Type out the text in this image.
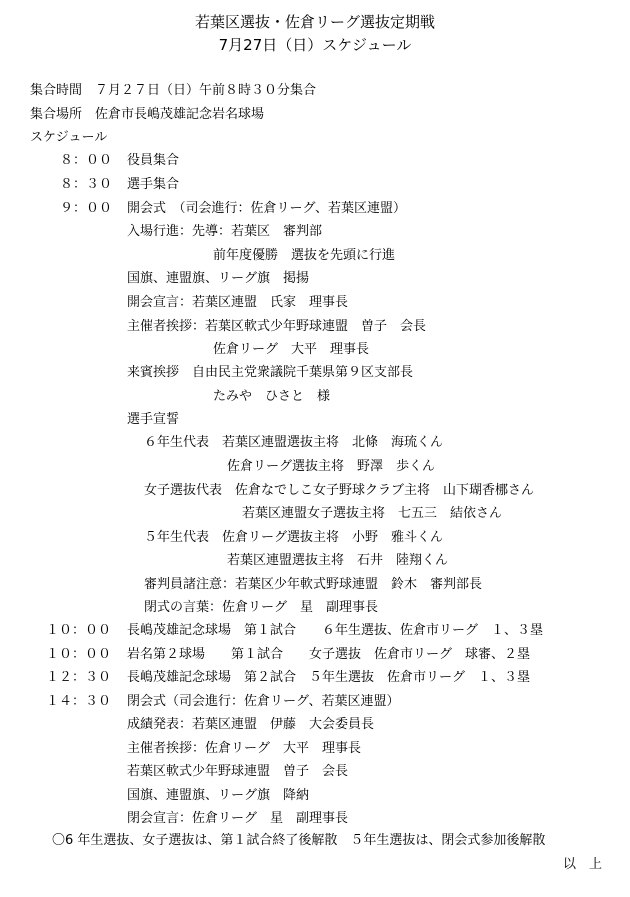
若葉区選抜・佐倉リーグ選抜定期戦
7月27日（日）スケジュール
集合時間　７月２７日（日）午前８時３０分集合
集合場所　佐倉市長嶋茂雄記念岩名球場
スケジュール
８：００ 役員集合
８：３０ 選手集合
９：００ 開会式　（司会進行：佐倉リーグ、若葉区連盟）
入場行進：先導：若葉区　審判部
前年度優勝　選抜を先頭に行進
国旗、連盟旗、リーグ旗　掲揚
開会宣言：若葉区連盟　氏家　理事長
主催者挨拶：若葉区軟式少年野球連盟　曽子　会長
佐倉リーグ　大平　理事長
来賓挨拶　自由民主党衆議院千葉県第９区支部長
たみや　ひさと　様
選手宣誓
６年生代表　若葉区連盟選抜主将　北條　海琉くん
佐倉リーグ選抜主将　野澤　歩くん
女子選抜代表　佐倉なでしこ女子野球クラブ主将　山下瑚香梛さん
若葉区連盟女子選抜主将　七五三　結依さん
５年生代表　佐倉リーグ選抜主将　小野　雅斗くん
若葉区連盟選抜主将　石井　陸翔くん
審判員諸注意：若葉区少年軟式野球連盟　鈴木　審判部長
閉式の言葉：佐倉リーグ　星　副理事長
１０：００ 長嶋茂雄記念球場　第１試合　　６年生選抜、佐倉市リーグ　１、３塁
１０：００ 岩名第２球場　　第１試合　　女子選抜　佐倉市リーグ　球審、２塁
１２：３０ 長嶋茂雄記念球場　第２試合　５年生選抜　佐倉市リーグ　１、３塁
１４：３０ 閉会式（司会進行：佐倉リーグ、若葉区連盟）
成績発表：若葉区連盟　伊藤　大会委員長
主催者挨拶：佐倉リーグ　大平　理事長
若葉区軟式少年野球連盟　曽子　会長
国旗、連盟旗、リーグ旗　降納
閉会宣言：佐倉リーグ　星　副理事長
〇6 年生選抜、女子選抜は、第１試合終了後解散　５年生選抜は、閉会式参加後解散
以　上
